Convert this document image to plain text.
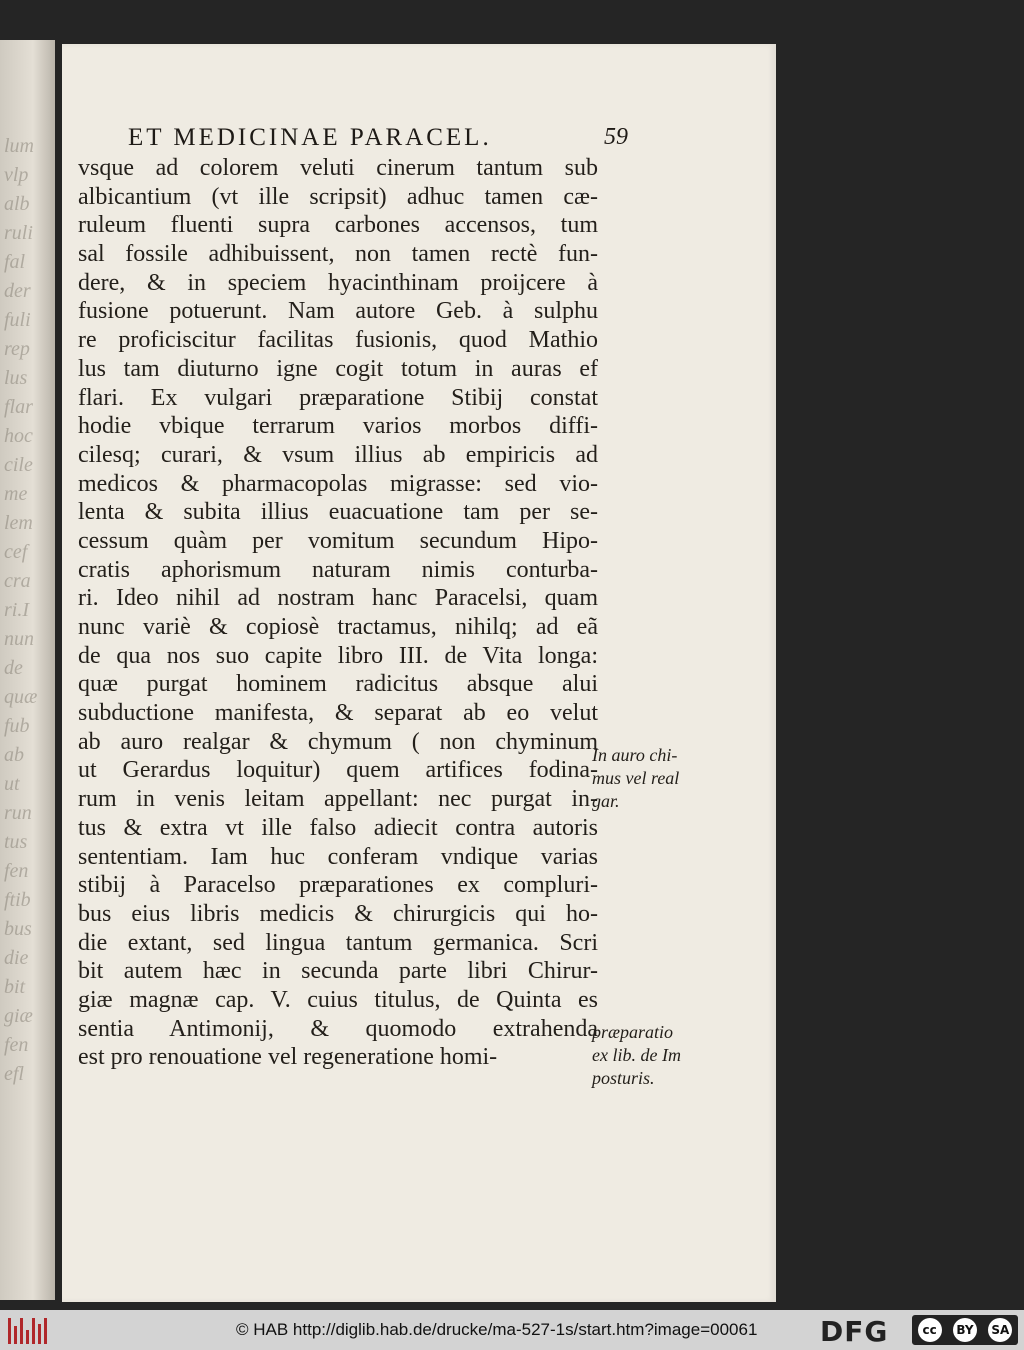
lum
vlp
alb
ruli
fal
der
fuli
rep
lus
flar
hoc
cile
me
lem
cef
cra
ri.I
nun
de
quæ
fub
ab
ut
run
tus
fen
ftib
bus
die
bit
giæ
fen
efl
ET MEDICINAE PARACEL.	59
vsque ad colorem veluti cinerum tantum sub
albicantium (vt ille scripsit) adhuc tamen cæ-
ruleum fluenti supra carbones accensos, tum
sal fossile adhibuissent, non tamen rectè fun-
dere, & in speciem hyacinthinam proijcere à
fusione potuerunt. Nam autore Geb. à sulphu
re proficiscitur facilitas fusionis, quod Mathio
lus tam diuturno igne cogit totum in auras ef
flari. Ex vulgari præparatione Stibij constat
hodie vbique terrarum varios morbos diffi-
cilesq; curari, & vsum illius ab empiricis ad
medicos & pharmacopolas migrasse: sed vio-
lenta & subita illius euacuatione tam per se-
cessum quàm per vomitum secundum Hipo-
cratis aphorismum naturam nimis conturba-
ri. Ideo nihil ad nostram hanc Paracelsi, quam
nunc variè & copiosè tractamus, nihilq; ad eã
de qua nos suo capite libro III. de Vita longa:
quæ purgat hominem radicitus absque alui
subductione manifesta, & separat ab eo velut
ab auro realgar & chymum ( non chyminum
ut Gerardus loquitur) quem artifices fodina-
rum in venis leitam appellant: nec purgat in-
tus & extra vt ille falso adiecit contra autoris
sententiam. Iam huc conferam vndique varias
stibij à Paracelso præparationes ex compluri-
bus eius libris medicis & chirurgicis qui ho-
die extant, sed lingua tantum germanica. Scri
bit autem hæc in secunda parte libri Chirur-
giæ magnæ cap. V. cuius titulus, de Quinta es
sentia Antimonij, & quomodo extrahenda
est pro renouatione vel regeneratione homi-
In auro chi-
mus vel real
gar.
præparatio
ex lib. de Im
posturis.
© HAB http://diglib.hab.de/drucke/ma-527-1s/start.htm?image=00061 DFG	cc	BY SA
